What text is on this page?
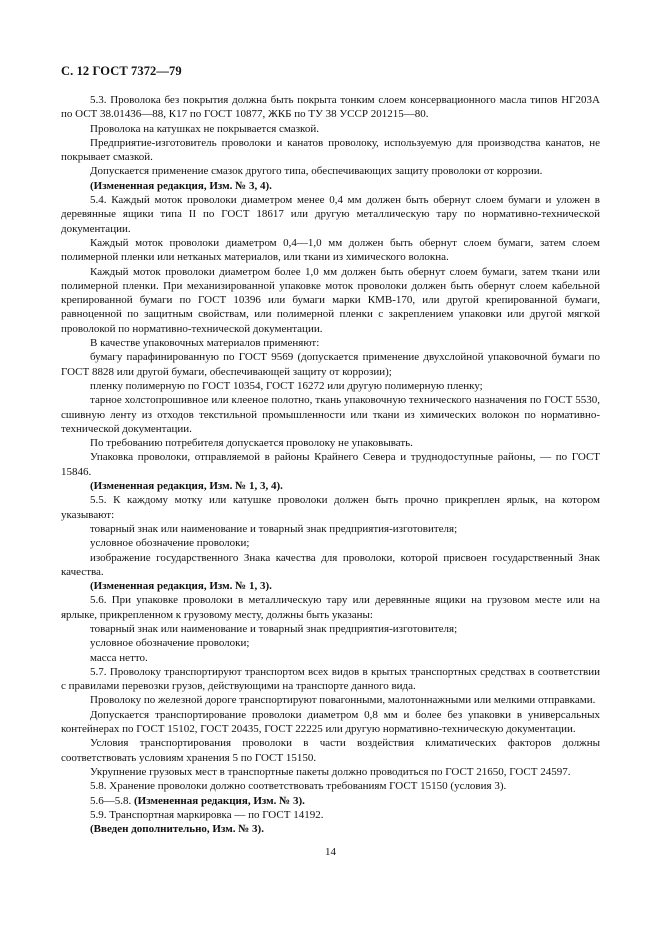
С. 12 ГОСТ 7372—79

5.3. Проволока без покрытия должна быть покрыта тонким слоем консервационного масла типов НГ203А по ОСТ 38.01436—88, К17 по ГОСТ 10877, ЖКБ по ТУ 38 УССР 201215—80.

Проволока на катушках не покрывается смазкой.

Предприятие-изготовитель проволоки и канатов проволоку, используемую для производства канатов, не покрывает смазкой.

Допускается применение смазок другого типа, обеспечивающих защиту проволоки от коррозии.

(Измененная редакция, Изм. № 3, 4).

5.4. Каждый моток проволоки диаметром менее 0,4 мм должен быть обернут слоем бумаги и уложен в деревянные ящики типа II по ГОСТ 18617 или другую металлическую тару по нормативно-технической документации.

Каждый моток проволоки диаметром 0,4—1,0 мм должен быть обернут слоем бумаги, затем слоем полимерной пленки или нетканых материалов, или ткани из химического волокна.

Каждый моток проволоки диаметром более 1,0 мм должен быть обернут слоем бумаги, затем ткани или полимерной пленки. При механизированной упаковке моток проволоки должен быть обернут слоем кабельной крепированной бумаги по ГОСТ 10396 или бумаги марки КМВ-170, или другой крепированной бумаги, равноценной по защитным свойствам, или полимерной пленки с закреплением упаковки или другой мягкой проволокой по нормативно-технической документации.

В качестве упаковочных материалов применяют:

бумагу парафинированную по ГОСТ 9569 (допускается применение двухслойной упаковочной бумаги по ГОСТ 8828 или другой бумаги, обеспечивающей защиту от коррозии);

пленку полимерную по ГОСТ 10354, ГОСТ 16272 или другую полимерную пленку;

тарное холстопрошивное или клееное полотно, ткань упаковочную технического назначения по ГОСТ 5530, сшивную ленту из отходов текстильной промышленности или ткани из химических волокон по нормативно-технической документации.

По требованию потребителя допускается проволоку не упаковывать.

Упаковка проволоки, отправляемой в районы Крайнего Севера и труднодоступные районы, — по ГОСТ 15846.

(Измененная редакция, Изм. № 1, 3, 4).

5.5. К каждому мотку или катушке проволоки должен быть прочно прикреплен ярлык, на котором указывают:

товарный знак или наименование и товарный знак предприятия-изготовителя;

условное обозначение проволоки;

изображение государственного Знака качества для проволоки, которой присвоен государственный Знак качества.

(Измененная редакция, Изм. № 1, 3).

5.6. При упаковке проволоки в металлическую тару или деревянные ящики на грузовом месте или на ярлыке, прикрепленном к грузовому месту, должны быть указаны:

товарный знак или наименование и товарный знак предприятия-изготовителя;

условное обозначение проволоки;

масса нетто.

5.7. Проволоку транспортируют транспортом всех видов в крытых транспортных средствах в соответствии с правилами перевозки грузов, действующими на транспорте данного вида.

Проволоку по железной дороге транспортируют повагонными, малотоннажными или мелкими отправками.

Допускается транспортирование проволоки диаметром 0,8 мм и более без упаковки в универсальных контейнерах по ГОСТ 15102, ГОСТ 20435, ГОСТ 22225 или другую нормативно-техническую документации.

Условия транспортирования проволоки в части воздействия климатических факторов должны соответствовать условиям хранения 5 по ГОСТ 15150.

Укрупнение грузовых мест в транспортные пакеты должно проводиться по ГОСТ 21650, ГОСТ 24597.

5.8. Хранение проволоки должно соответствовать требованиям ГОСТ 15150 (условия 3).

5.6—5.8. (Измененная редакция, Изм. № 3).

5.9. Транспортная маркировка — по ГОСТ 14192.

(Введен дополнительно, Изм. № 3).

14
